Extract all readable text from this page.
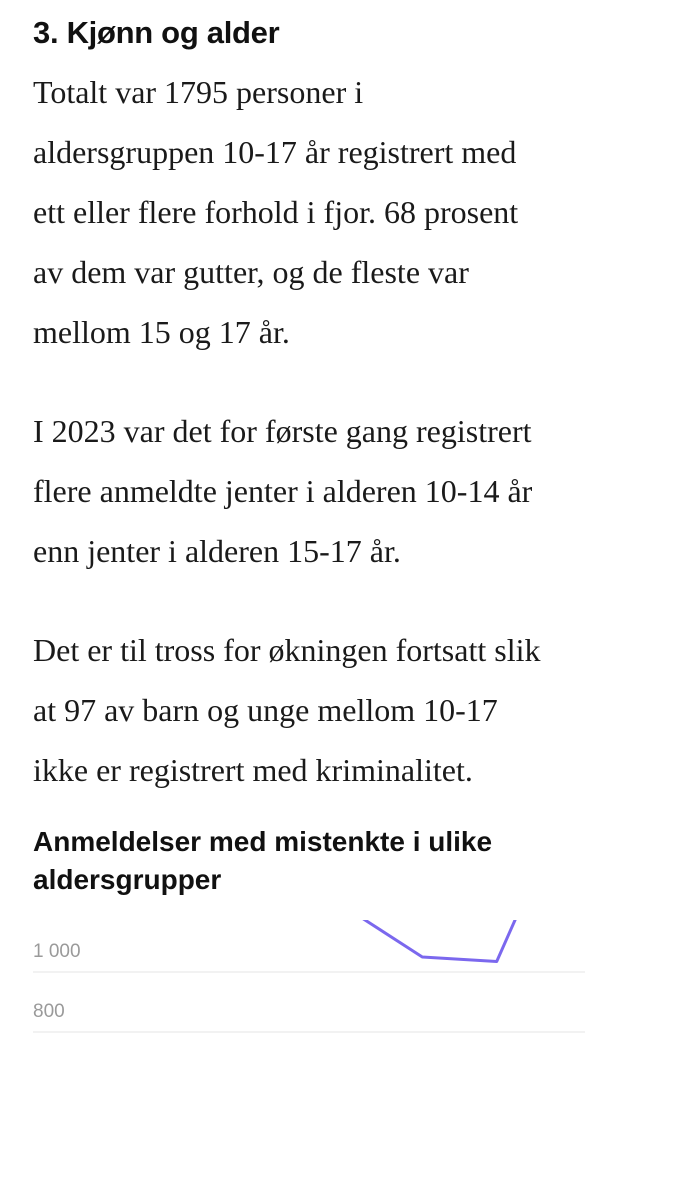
3. Kjønn og alder

Totalt var 1795 personer i
aldersgruppen 10-17 år registrert med
ett eller flere forhold i fjor. 68 prosent
av dem var gutter, og de fleste var
mellom 15 og 17 år.

I 2023 var det for første gang registrert
flere anmeldte jenter i alderen 10-14 år
enn jenter i alderen 15-17 år.

Det er til tross for økningen fortsatt slik
at 97 av barn og unge mellom 10-17
ikke er registrert med kriminalitet.

Anmeldelser med mistenkte i ulike aldersgrupper
1 000
800
